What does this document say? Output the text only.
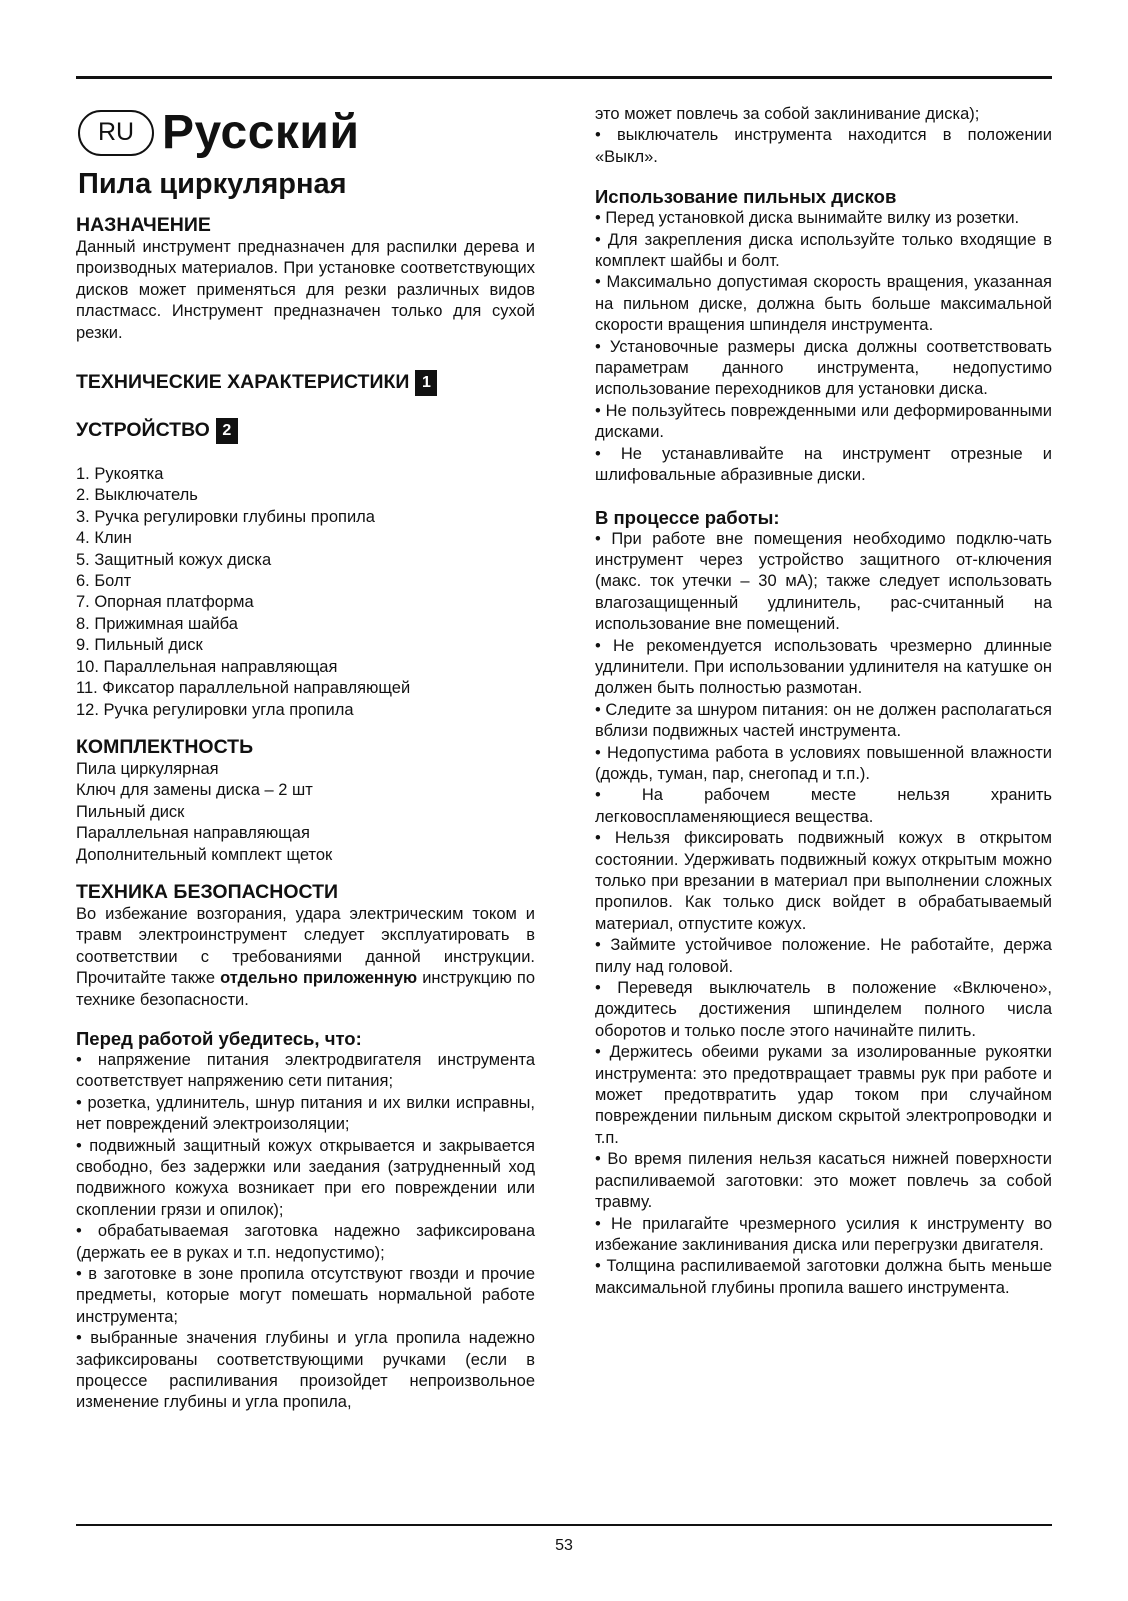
RU Русский
Пила циркулярная
НАЗНАЧЕНИЕ

Данный инструмент предназначен для распилки дерева и производных материалов. При установке соответствующих дисков может применяться для резки различных видов пластмасс. Инструмент предназначен только для сухой резки.

ТЕХНИЧЕСКИЕ ХАРАКТЕРИСТИКИ 1
УСТРОЙСТВО 2
1. Рукоятка
2. Выключатель
3. Ручка регулировки глубины пропила
4. Клин
5. Защитный кожух диска
6. Болт
7. Опорная платформа
8. Прижимная шайба
9. Пильный диск
10. Параллельная направляющая
11. Фиксатор параллельной направляющей
12. Ручка регулировки угла пропила
КОМПЛЕКТНОСТЬ
Пила циркулярная
Ключ для замены диска – 2 шт
Пильный диск
Параллельная направляющая
Дополнительный комплект щеток
ТЕХНИКА БЕЗОПАСНОСТИ

Во избежание возгорания, удара электрическим током и травм электроинструмент следует эксплуатировать в соответствии с требованиями данной инструкции. Прочитайте также отдельно приложенную инструкцию по технике безопасности.

Перед работой убедитесь, что:

• напряжение питания электродвигателя инструмента соответствует напряжению сети питания;

• розетка, удлинитель, шнур питания и их вилки исправны, нет повреждений электроизоляции;

• подвижный защитный кожух открывается и закрывается свободно, без задержки или заедания (затрудненный ход подвижного кожуха возникает при его повреждении или скоплении грязи и опилок);

• обрабатываемая заготовка надежно зафиксирована (держать ее в руках и т.п. недопустимо);

• в заготовке в зоне пропила отсутствуют гвозди и прочие предметы, которые могут помешать нормальной работе инструмента;

• выбранные значения глубины и угла пропила надежно зафиксированы соответствующими ручками (если в процессе распиливания произойдет непроизвольное изменение глубины и угла пропила,

это может повлечь за собой заклинивание диска);

• выключатель инструмента находится в положении «Выкл».

Использование пильных дисков

• Перед установкой диска вынимайте вилку из розетки.

• Для закрепления диска используйте только входящие в комплект шайбы и болт.

• Максимально допустимая скорость вращения, указанная на пильном диске, должна быть больше максимальной скорости вращения шпинделя инструмента.

• Установочные размеры диска должны соответствовать параметрам данного инструмента, недопустимо использование переходников для установки диска.

• Не пользуйтесь поврежденными или деформированными дисками.

• Не устанавливайте на инструмент отрезные и шлифовальные абразивные диски.

В процессе работы:

• При работе вне помещения необходимо подклю-чать инструмент через устройство защитного от-ключения (макс. ток утечки – 30 мА); также следует использовать влагозащищенный удлинитель, рас-считанный на использование вне помещений.

• Не рекомендуется использовать чрезмерно длинные удлинители. При использовании удлинителя на катушке он должен быть полностью размотан.

• Следите за шнуром питания: он не должен располагаться вблизи подвижных частей инструмента.

• Недопустима работа в условиях повышенной влажности (дождь, туман, пар, снегопад и т.п.).

• На рабочем месте нельзя хранить легковоспламеняющиеся вещества.

• Нельзя фиксировать подвижный кожух в открытом состоянии. Удерживать подвижный кожух открытым можно только при врезании в материал при выполнении сложных пропилов. Как только диск войдет в обрабатываемый материал, отпустите кожух.

• Займите устойчивое положение. Не работайте, держа пилу над головой.

• Переведя выключатель в положение «Включено», дождитесь достижения шпинделем полного числа оборотов и только после этого начинайте пилить.

• Держитесь обеими руками за изолированные рукоятки инструмента: это предотвращает травмы рук при работе и может предотвратить удар током при случайном повреждении пильным диском скрытой электропроводки и т.п.

• Во время пиления нельзя касаться нижней поверхности распиливаемой заготовки: это может повлечь за собой травму.

• Не прилагайте чрезмерного усилия к инструменту во избежание заклинивания диска или перегрузки двигателя.

• Толщина распиливаемой заготовки должна быть меньше максимальной глубины пропила вашего инструмента.

53
